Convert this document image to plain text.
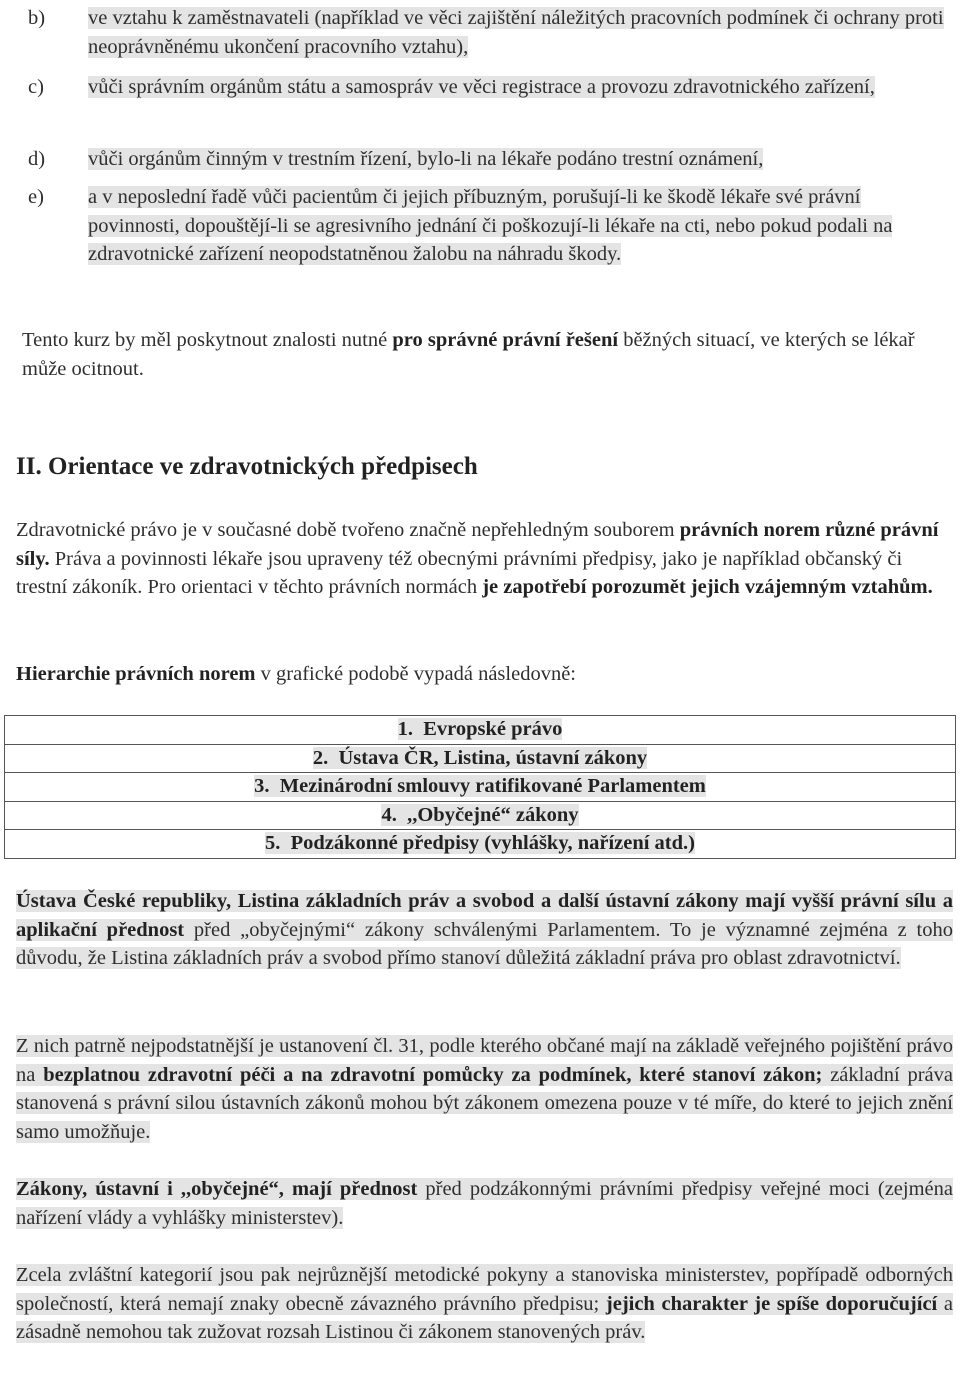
b) ve vztahu k zaměstnavateli (například ve věci zajištění náležitých pracovních podmínek či ochrany proti neoprávněnému ukončení pracovního vztahu),
c) vůči správním orgánům státu a samospráv ve věci registrace a provozu zdravotnického zařízení,
d) vůči orgánům činným v trestním řízení, bylo-li na lékaře podáno trestní oznámení,
e) a v neposlední řadě vůči pacientům či jejich příbuzným, porušují-li ke škodě lékaře své právní povinnosti, dopouštějí-li se agresivního jednání či poškozují-li lékaře na cti, nebo pokud podali na zdravotnické zařízení neopodstatněnou žalobu na náhradu škody.
Tento kurz by měl poskytnout znalosti nutné pro správné právní řešení běžných situací, ve kterých se lékař může ocitnout.
II. Orientace ve zdravotnických předpisech
Zdravotnické právo je v současné době tvořeno značně nepřehledným souborem právních norem různé právní síly. Práva a povinnosti lékaře jsou upraveny též obecnými právními předpisy, jako je například občanský či trestní zákoník. Pro orientaci v těchto právních normách je zapotřebí porozumět jejich vzájemným vztahům.
Hierarchie právních norem v grafické podobě vypadá následovně:
1. Evropské právo
2. Ústava ČR, Listina, ústavní zákony
3. Mezinárodní smlouvy ratifikované Parlamentem
4. ,,Obyčejné“ zákony
5. Podzákonné předpisy (vyhlášky, nařízení atd.)
Ústava České republiky, Listina základních práv a svobod a další ústavní zákony mají vyšší právní sílu a aplikační přednost před „obyčejnými“ zákony schválenými Parlamentem. To je významné zejména z toho důvodu, že Listina základních práv a svobod přímo stanoví důležitá základní práva pro oblast zdravotnictví.
Z nich patrně nejpodstatnější je ustanovení čl. 31, podle kterého občané mají na základě veřejného pojištění právo na bezplatnou zdravotní péči a na zdravotní pomůcky za podmínek, které stanoví zákon; základní práva stanovená s právní silou ústavních zákonů mohou být zákonem omezena pouze v té míře, do které to jejich znění samo umožňuje.
Zákony, ústavní i ,,obyčejné“, mají přednost před podzákonnými právními předpisy veřejné moci (zejména nařízení vlády a vyhlášky ministerstev).
Zcela zvláštní kategorií jsou pak nejrůznější metodické pokyny a stanoviska ministerstev, popřípadě odborných společností, která nemají znaky obecně závazného právního předpisu; jejich charakter je spíše doporučující a zásadně nemohou tak zužovat rozsah Listinou či zákonem stanovených práv.
